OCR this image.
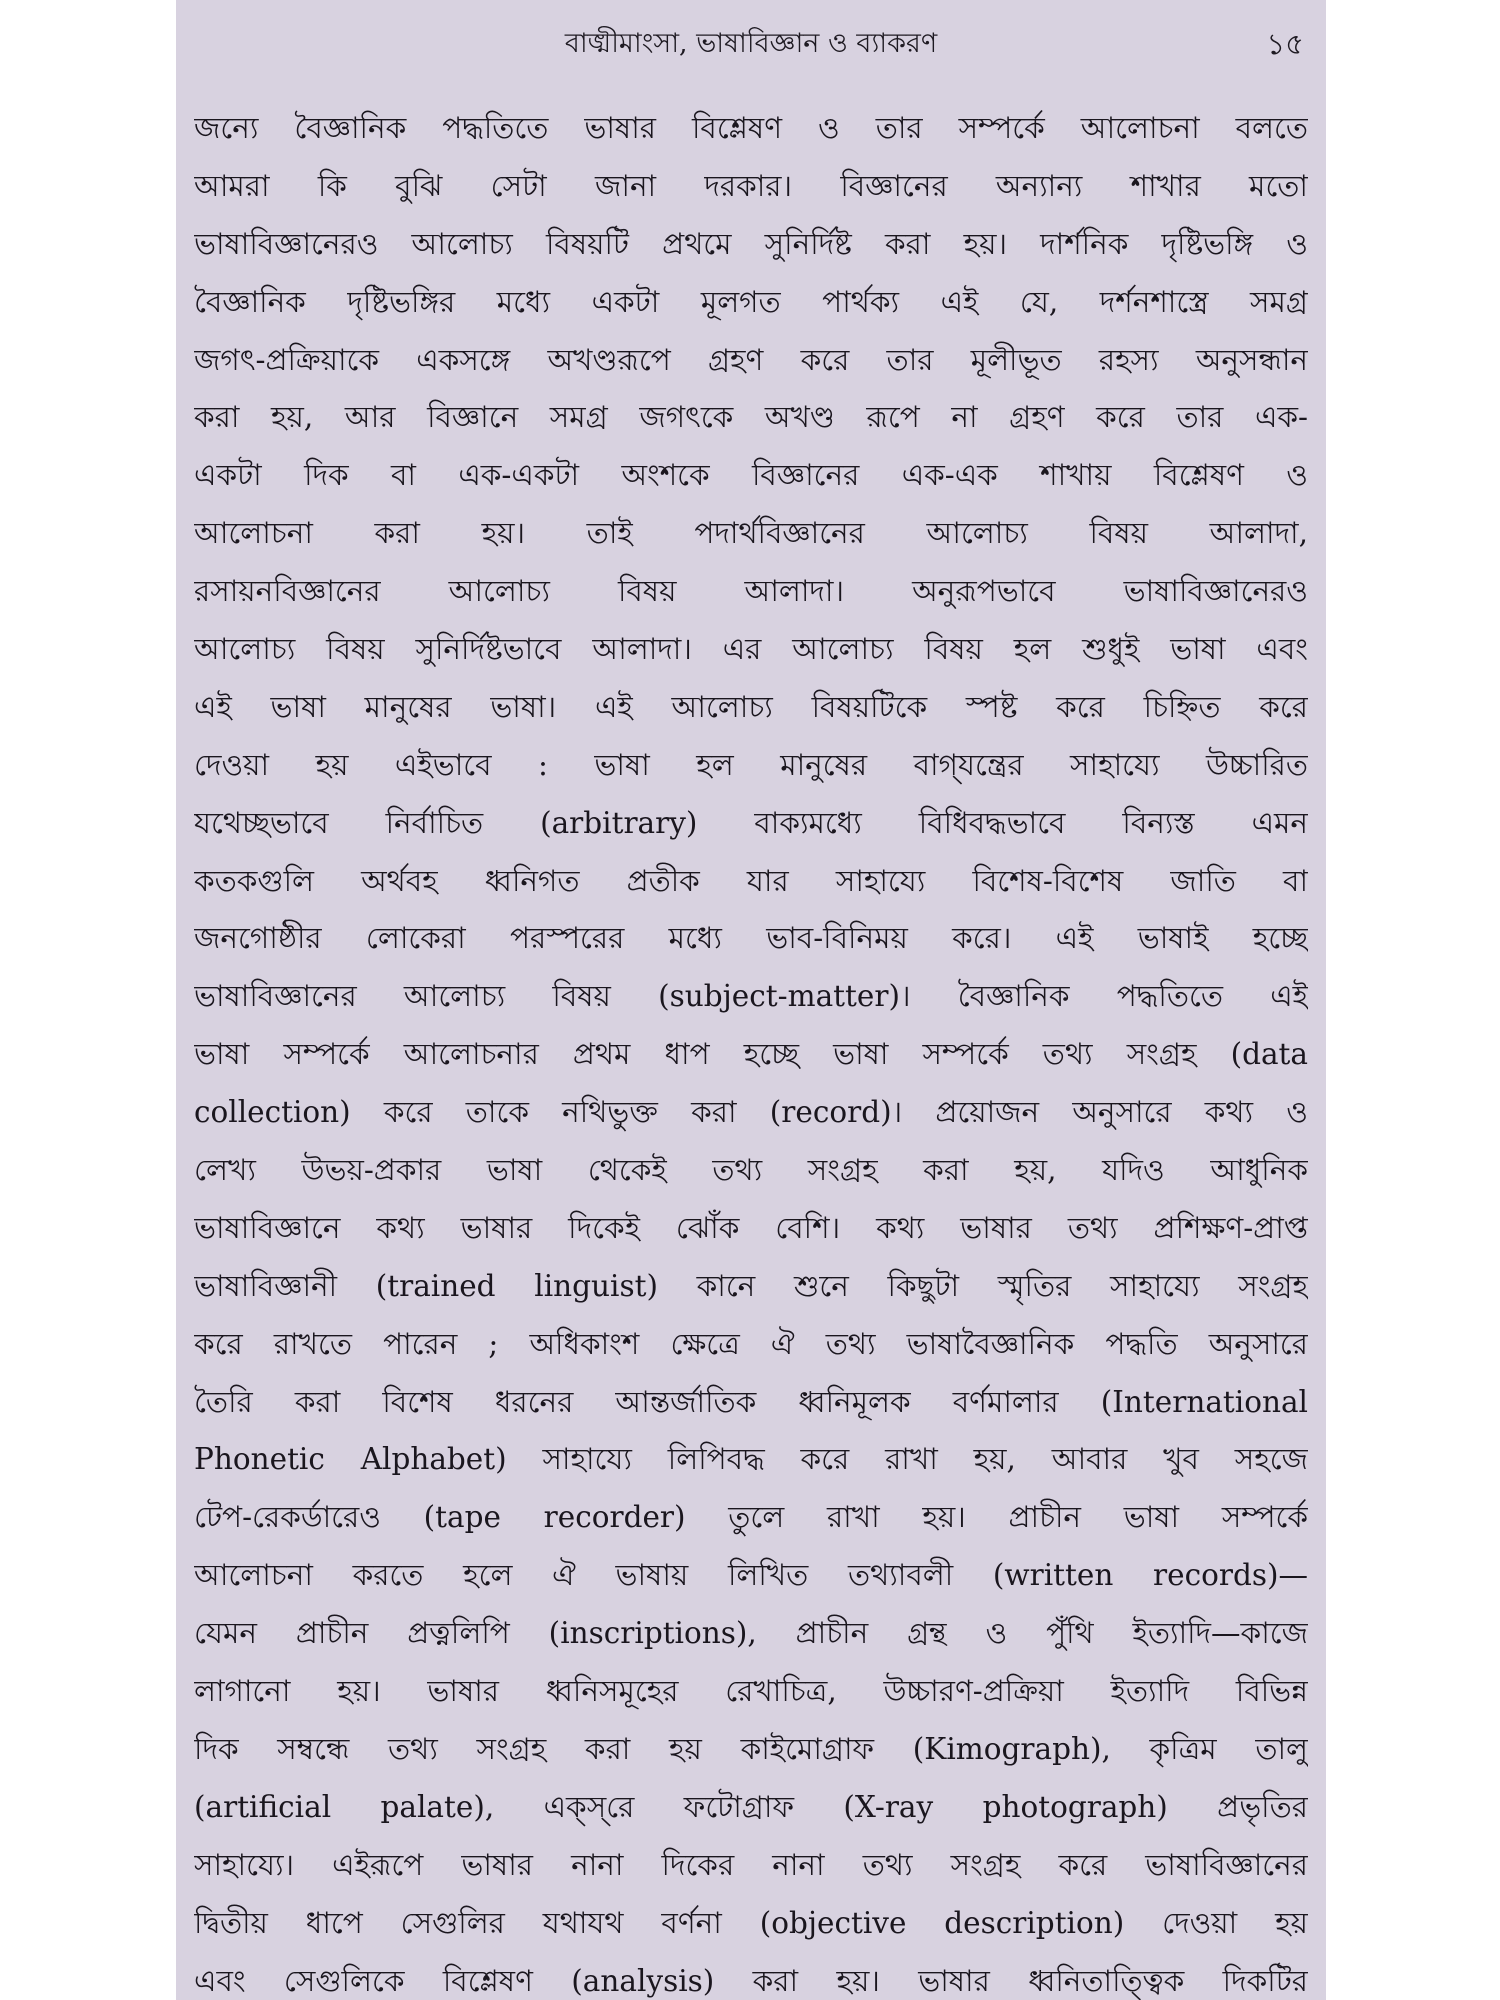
বাঙ্মীমাংসা, ভাষাবিজ্ঞান ও ব্যাকরণ	১৫
জন্যে বৈজ্ঞানিক পদ্ধতিতে ভাষার বিশ্লেষণ ও তার সম্পর্কে আলোচনা বলতে
আমরা কি বুঝি সেটা জানা দরকার। বিজ্ঞানের অন্যান্য শাখার মতো
ভাষাবিজ্ঞানেরও আলোচ্য বিষয়টি প্রথমে সুনির্দিষ্ট করা হয়। দার্শনিক দৃষ্টিভঙ্গি ও
বৈজ্ঞানিক দৃষ্টিভঙ্গির মধ্যে একটা মূলগত পার্থক্য এই যে, দর্শনশাস্ত্রে সমগ্র
জগৎ-প্রক্রিয়াকে একসঙ্গে অখণ্ডরূপে গ্রহণ করে তার মূলীভূত রহস্য অনুসন্ধান
করা হয়, আর বিজ্ঞানে সমগ্র জগৎকে অখণ্ড রূপে না গ্রহণ করে তার এক-
একটা দিক বা এক-একটা অংশকে বিজ্ঞানের এক-এক শাখায় বিশ্লেষণ ও
আলোচনা করা হয়। তাই পদার্থবিজ্ঞানের আলোচ্য বিষয় আলাদা,
রসায়নবিজ্ঞানের আলোচ্য বিষয় আলাদা। অনুরূপভাবে ভাষাবিজ্ঞানেরও
আলোচ্য বিষয় সুনির্দিষ্টভাবে আলাদা। এর আলোচ্য বিষয় হল শুধুই ভাষা এবং
এই ভাষা মানুষের ভাষা। এই আলোচ্য বিষয়টিকে স্পষ্ট করে চিহ্নিত করে
দেওয়া হয় এইভাবে : ভাষা হল মানুষের বাগ্‌যন্ত্রের সাহায্যে উচ্চারিত
যথেচ্ছভাবে নির্বাচিত (arbitrary) বাক্যমধ্যে বিধিবদ্ধভাবে বিন্যস্ত এমন
কতকগুলি অর্থবহ ধ্বনিগত প্রতীক যার সাহায্যে বিশেষ-বিশেষ জাতি বা
জনগোষ্ঠীর লোকেরা পরস্পরের মধ্যে ভাব-বিনিময় করে। এই ভাষাই হচ্ছে
ভাষাবিজ্ঞানের আলোচ্য বিষয় (subject-matter)। বৈজ্ঞানিক পদ্ধতিতে এই
ভাষা সম্পর্কে আলোচনার প্রথম ধাপ হচ্ছে ভাষা সম্পর্কে তথ্য সংগ্রহ (data
collection) করে তাকে নথিভুক্ত করা (record)। প্রয়োজন অনুসারে কথ্য ও
লেখ্য উভয়-প্রকার ভাষা থেকেই তথ্য সংগ্রহ করা হয়, যদিও আধুনিক
ভাষাবিজ্ঞানে কথ্য ভাষার দিকেই ঝোঁক বেশি। কথ্য ভাষার তথ্য প্রশিক্ষণ-প্রাপ্ত
ভাষাবিজ্ঞানী (trained linguist) কানে শুনে কিছুটা স্মৃতির সাহায্যে সংগ্রহ
করে রাখতে পারেন ; অধিকাংশ ক্ষেত্রে ঐ তথ্য ভাষাবৈজ্ঞানিক পদ্ধতি অনুসারে
তৈরি করা বিশেষ ধরনের আন্তর্জাতিক ধ্বনিমূলক বর্ণমালার (International
Phonetic Alphabet) সাহায্যে লিপিবদ্ধ করে রাখা হয়, আবার খুব সহজে
টেপ-রেকর্ডারেও (tape recorder) তুলে রাখা হয়। প্রাচীন ভাষা সম্পর্কে
আলোচনা করতে হলে ঐ ভাষায় লিখিত তথ্যাবলী (written records)—
যেমন প্রাচীন প্রত্নলিপি (inscriptions), প্রাচীন গ্রন্থ ও পুঁথি ইত্যাদি—কাজে
লাগানো হয়। ভাষার ধ্বনিসমূহের রেখাচিত্র, উচ্চারণ-প্রক্রিয়া ইত্যাদি বিভিন্ন
দিক সম্বন্ধে তথ্য সংগ্রহ করা হয় কাইমোগ্রাফ (Kimograph), কৃত্রিম তালু
(artificial palate), এক্‌স্‌রে ফটোগ্রাফ (X-ray photograph) প্রভৃতির
সাহায্যে। এইরূপে ভাষার নানা দিকের নানা তথ্য সংগ্রহ করে ভাষাবিজ্ঞানের
দ্বিতীয় ধাপে সেগুলির যথাযথ বর্ণনা (objective description) দেওয়া হয়
এবং সেগুলিকে বিশ্লেষণ (analysis) করা হয়। ভাষার ধ্বনিতাত্ত্বিক দিকটির
